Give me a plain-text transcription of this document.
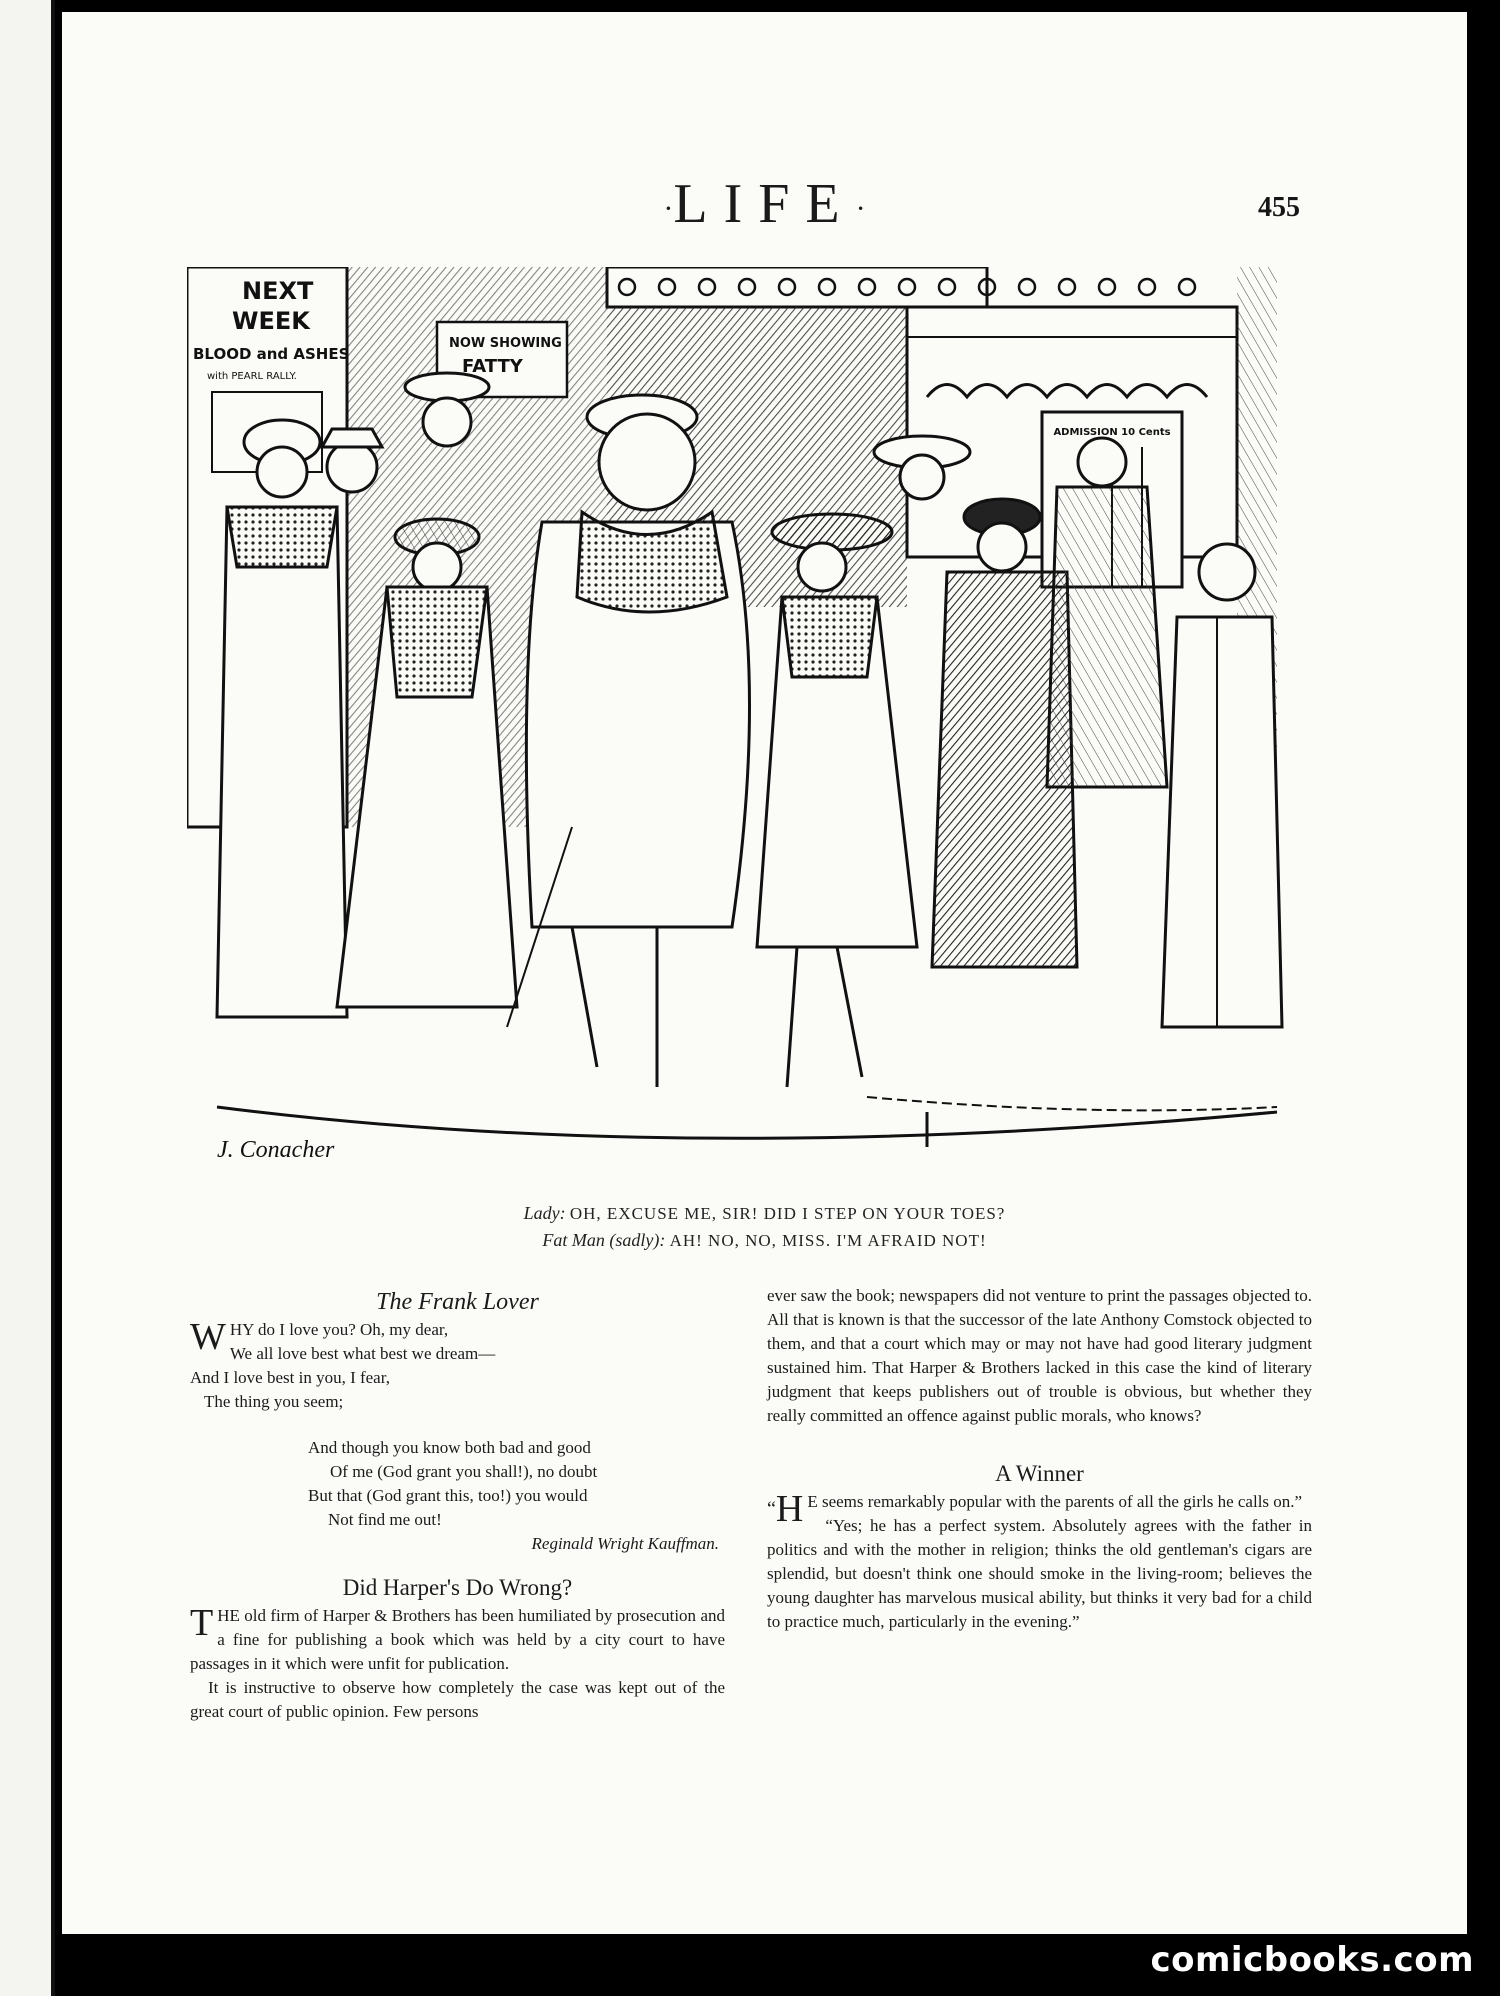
·LIFE·	455
ADMISSION 10 Cents
NEXT
WEEK
BLOOD and ASHES
with PEARL RALLY.
NOW SHOWING
FATTY
J. Conacher
Lady: OH, EXCUSE ME, SIR! DID I STEP ON YOUR TOES?
Fat Man (sadly): AH! NO, NO, MISS. I'M AFRAID NOT!
The Frank Lover
W HY do I love you? Oh, my dear,

We all love best what best we dream—

And I love best in you, I fear,

The thing you seem;

And though you know both bad and good

Of me (God grant you shall!), no doubt

But that (God grant this, too!) you would

Not find me out!

Reginald Wright Kauffman.

Did Harper's Do Wrong?

THE old firm of Harper & Brothers has been humiliated by prosecution and a fine for publishing a book which was held by a city court to have passages in it which were unfit for publication.

It is instructive to observe how completely the case was kept out of the great court of public opinion. Few persons

ever saw the book; newspapers did not venture to print the passages objected to. All that is known is that the successor of the late Anthony Comstock objected to them, and that a court which may or may not have had good literary judgment sustained him. That Harper & Brothers lacked in this case the kind of literary judgment that keeps publishers out of trouble is obvious, but whether they really committed an offence against public morals, who knows?

A Winner

“H E seems remarkably popular with the parents of all the girls he calls on.”

“Yes; he has a perfect system. Absolutely agrees with the father in politics and with the mother in religion; thinks the old gentleman's cigars are splendid, but doesn't think one should smoke in the living-room; believes the young daughter has marvelous musical ability, but thinks it very bad for a child to practice much, particularly in the evening.”

comicbooks.com
